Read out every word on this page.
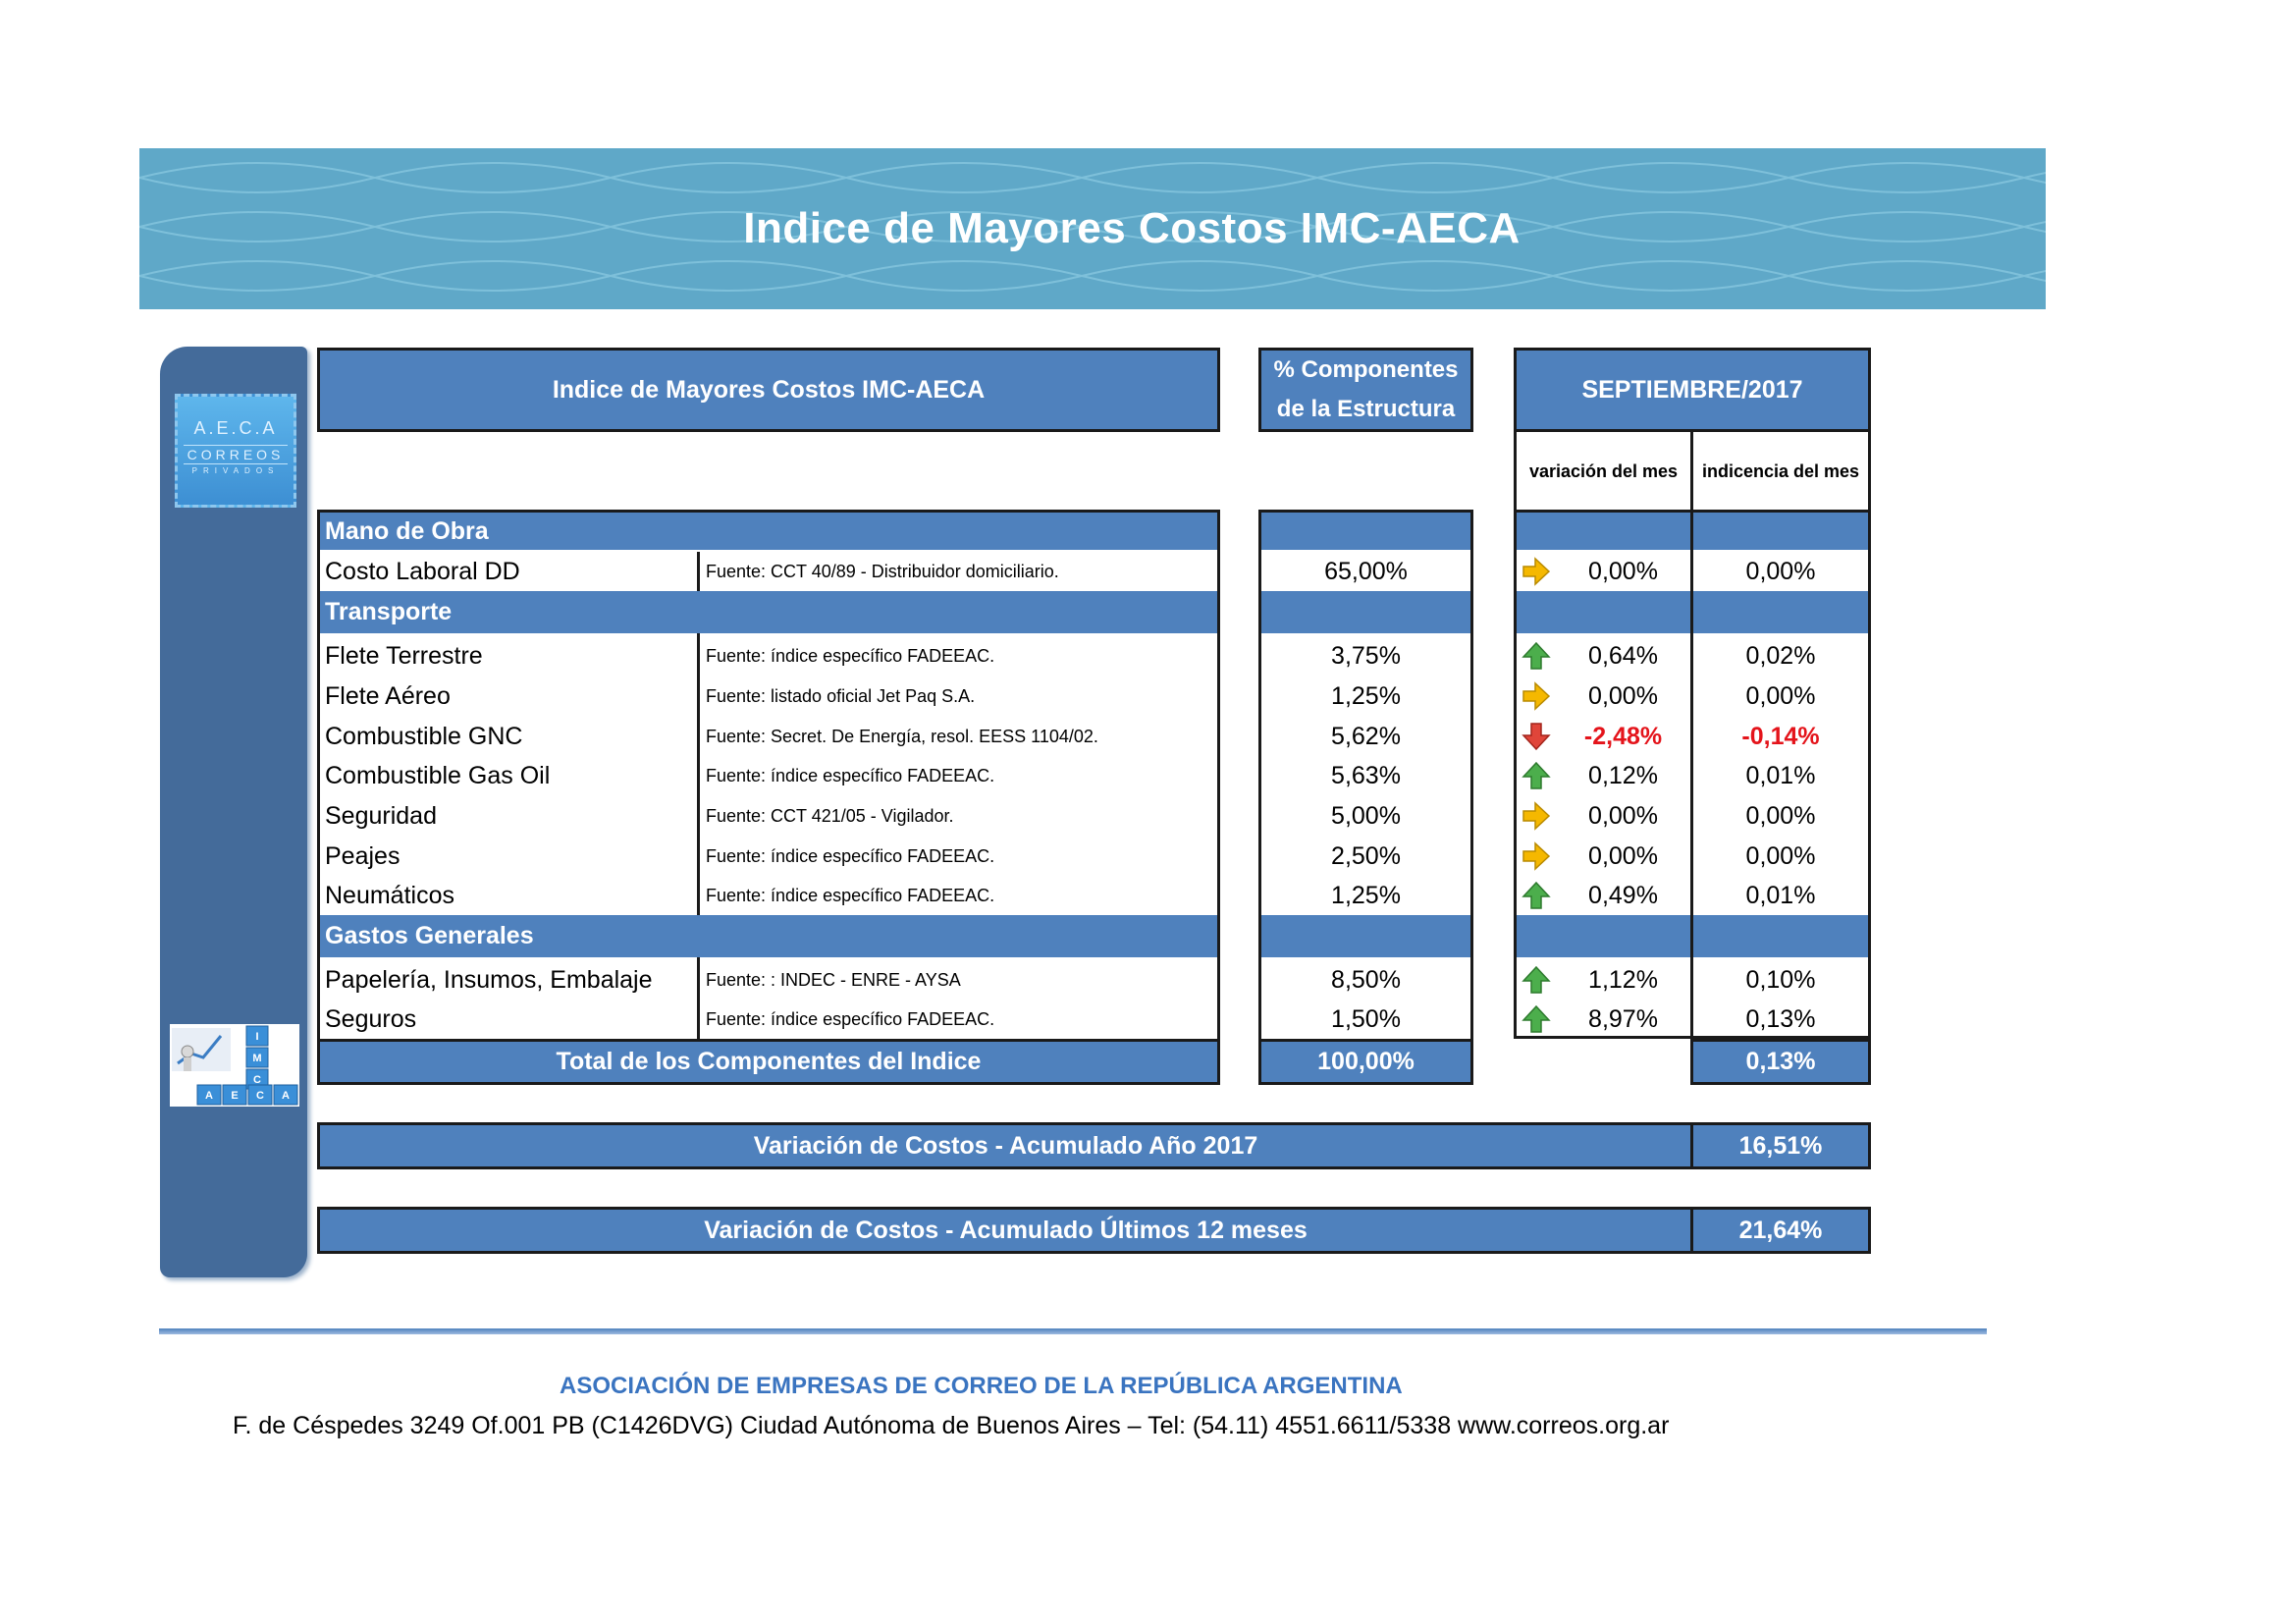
Indice de Mayores Costos IMC-AECA
A.E.C.A
CORREOS
PRIVADOS
I
M
C
A E C A
Indice de Mayores Costos IMC-AECA
% Componentes
de la Estructura
SEPTIEMBRE/2017
variación del mes	indicencia del mes
Mano de Obra
Transporte
Gastos Generales
Costo Laboral DD	Fuente: CCT 40/89 - Distribuidor domiciliario.	65,00%	0,00%	0,00%
Flete Terrestre	Fuente: índice específico FADEEAC.	3,75%	0,64%	0,02%
Flete Aéreo	Fuente: listado oficial Jet Paq S.A.	1,25%	0,00%	0,00%
Combustible GNC	Fuente: Secret. De Energía, resol. EESS 1104/02.	5,62%	-2,48%	-0,14%
Combustible Gas Oil	Fuente: índice específico FADEEAC.	5,63%	0,12%	0,01%
Seguridad	Fuente: CCT 421/05 - Vigilador.	5,00%	0,00%	0,00%
Peajes	Fuente: índice específico FADEEAC.	2,50%	0,00%	0,00%
Neumáticos	Fuente: índice específico FADEEAC.	1,25%	0,49%	0,01%
Papelería, Insumos, Embalaje	Fuente: : INDEC - ENRE - AYSA	8,50%	1,12%	0,10%
Seguros	Fuente: índice específico FADEEAC.	1,50%	8,97%	0,13%
Total de los Componentes del Indice	100,00%	0,13%
Variación de Costos - Acumulado Año 2017	16,51%
Variación de Costos - Acumulado Últimos 12 meses	21,64%
ASOCIACIÓN DE EMPRESAS DE CORREO DE LA REPÚBLICA ARGENTINA
F. de Céspedes 3249 Of.001 PB (C1426DVG) Ciudad Autónoma de Buenos Aires – Tel: (54.11) 4551.6611/5338 www.correos.org.ar
